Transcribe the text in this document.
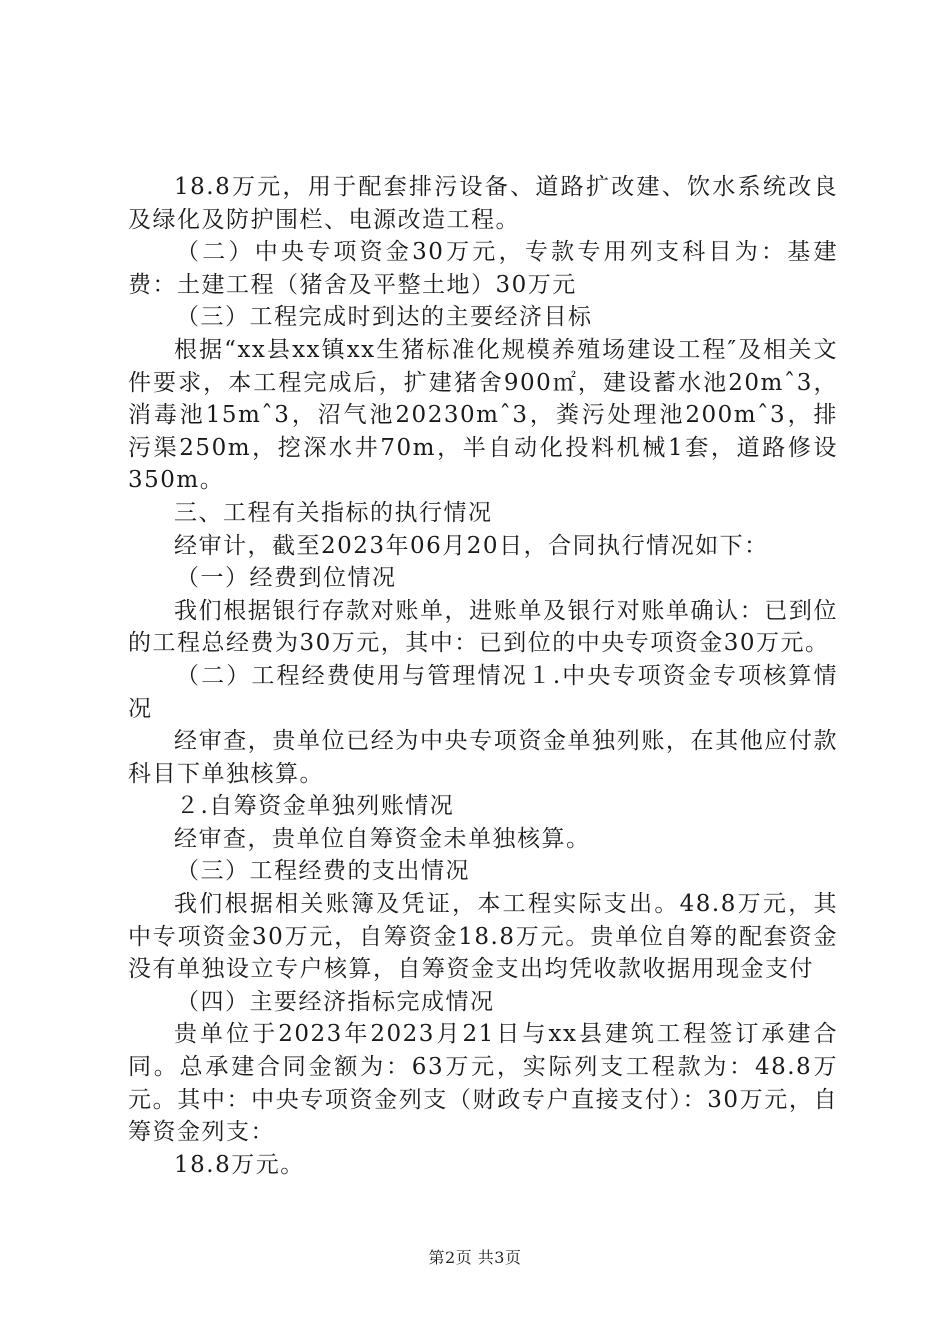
18.8万元，用于配套排污设备、道路扩改建、饮水系统改良及绿化及防护围栏、电源改造工程。

（二）中央专项资金30万元，专款专用列支科目为：基建费：土建工程（猪舍及平整土地）30万元

（三）工程完成时到达的主要经济目标

根据“xx县xx镇xx生猪标准化规模养殖场建设工程″及相关文件要求，本工程完成后，扩建猪舍900㎡，建设蓄水池20mˆ3，消毒池15mˆ3，沼气池20230mˆ3，粪污处理池200mˆ3，排污渠250m，挖深水井70m，半自动化投料机械1套，道路修设350m。

三、工程有关指标的执行情况

经审计，截至2023年06月20日，合同执行情况如下：

（一）经费到位情况

我们根据银行存款对账单，进账单及银行对账单确认：已到位的工程总经费为30万元，其中：已到位的中央专项资金30万元。

（二）工程经费使用与管理情况１.中央专项资金专项核算情况

经审查，贵单位已经为中央专项资金单独列账，在其他应付款科目下单独核算。

２.自筹资金单独列账情况

经审查，贵单位自筹资金未单独核算。

（三）工程经费的支出情况

我们根据相关账簿及凭证，本工程实际支出。48.8万元，其中专项资金30万元，自筹资金18.8万元。贵单位自筹的配套资金没有单独设立专户核算，自筹资金支出均凭收款收据用现金支付

（四）主要经济指标完成情况

贵单位于2023年2023月21日与xx县建筑工程签订承建合同。总承建合同金额为：63万元，实际列支工程款为：48.8万元。其中：中央专项资金列支（财政专户直接支付）：30万元，自筹资金列支：

18.8万元。

第2页 共3页
